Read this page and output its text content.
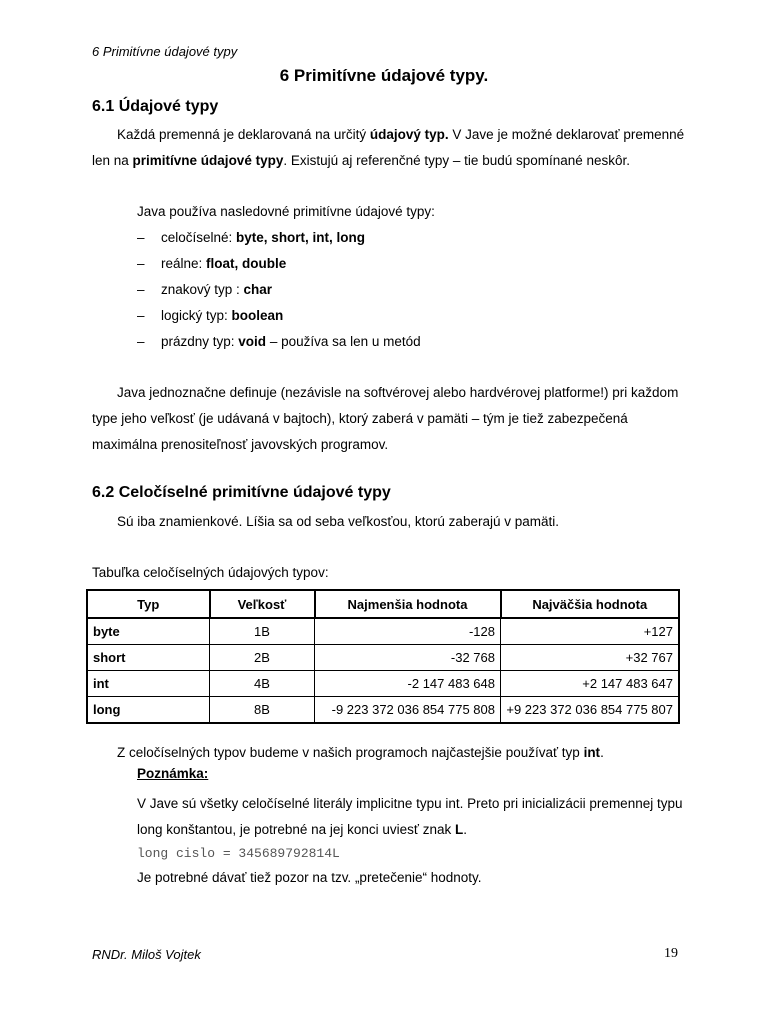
6 Primitívne údajové typy
6 Primitívne údajové typy.
6.1 Údajové typy
Každá premenná je deklarovaná na určitý údajový typ. V Jave je možné deklarovať premenné len na primitívne údajové typy. Existujú aj referenčné typy – tie budú spomínané neskôr.
Java používa nasledovné primitívne údajové typy:
– celočíselné: byte, short, int, long
– reálne: float, double
– znakový typ : char
– logický typ: boolean
– prázdny typ: void – používa sa len u metód
Java jednoznačne definuje (nezávisle na softvérovej alebo hardvérovej platforme!) pri každom type jeho veľkosť (je udávaná v bajtoch), ktorý zaberá v pamäti – tým je tiež zabezpečená maximálna prenositeľnosť javovských programov.
6.2 Celočíselné primitívne údajové typy
Sú iba znamienkové. Líšia sa od seba veľkosťou, ktorú zaberajú v pamäti.
Tabuľka celočíselných údajových typov:
Typ	Veľkosť	Najmenšia hodnota	Najväčšia hodnota
byte	1B	-128	+127
short	2B	-32 768	+32 767
int	4B	-2 147 483 648	+2 147 483 647
long	8B	-9 223 372 036 854 775 808	+9 223 372 036 854 775 807
Z celočíselných typov budeme v našich programoch najčastejšie používať typ int.
Poznámka:
V Jave sú všetky celočíselné literály implicitne typu int. Preto pri inicializácii premennej typu long konštantou, je potrebné na jej konci uviesť znak L.
long cislo = 345689792814L
Je potrebné dávať tiež pozor na tzv. „pretečenie“ hodnoty.
RNDr. Miloš Vojtek	19
